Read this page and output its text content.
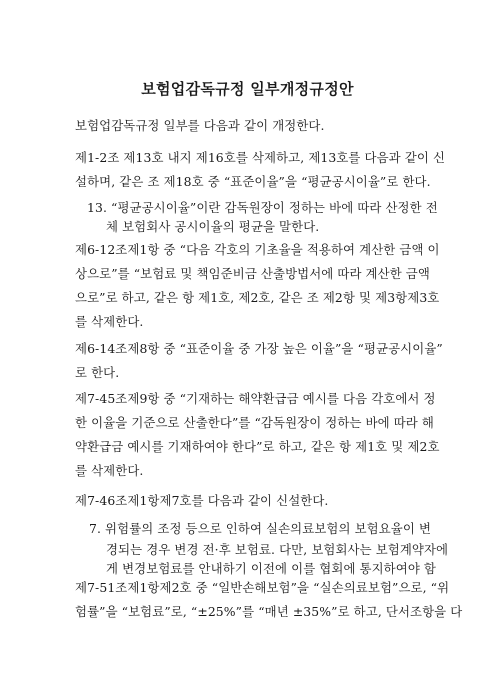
보험업감독규정 일부개정규정안
보험업감독규정 일부를 다음과 같이 개정한다.
제1-2조 제13호 내지 제16호를 삭제하고, 제13호를 다음과 같이 신
설하며, 같은 조 제18호 중 “표준이율”을 “평균공시이율”로 한다.
13. “평균공시이율”이란 감독원장이 정하는 바에 따라 산정한 전
체 보험회사 공시이율의 평균을 말한다.
제6-12조제1항 중 “다음 각호의 기초율을 적용하여 계산한 금액 이
상으로”를 “보험료 및 책임준비금 산출방법서에 따라 계산한 금액
으로”로 하고, 같은 항 제1호, 제2호, 같은 조 제2항 및 제3항제3호
를 삭제한다.
제6-14조제8항 중 “표준이율 중 가장 높은 이율”을 “평균공시이율”
로 한다.
제7-45조제9항 중 “기재하는 해약환급금 예시를 다음 각호에서 정
한 이율을 기준으로 산출한다”를 “감독원장이 정하는 바에 따라 해
약환급금 예시를 기재하여야 한다”로 하고, 같은 항 제1호 및 제2호
를 삭제한다.
제7-46조제1항제7호를 다음과 같이 신설한다.
7. 위험률의 조정 등으로 인하여 실손의료보험의 보험요율이 변
경되는 경우 변경 전·후 보험료. 다만, 보험회사는 보험계약자에
게 변경보험료를 안내하기 이전에 이를 협회에 통지하여야 함
제7-51조제1항제2호 중 “일반손해보험”을 “실손의료보험”으로, “위
험률”을 “보험료”로, “±25%”를 “매년 ±35%”로 하고, 단서조항을 다
